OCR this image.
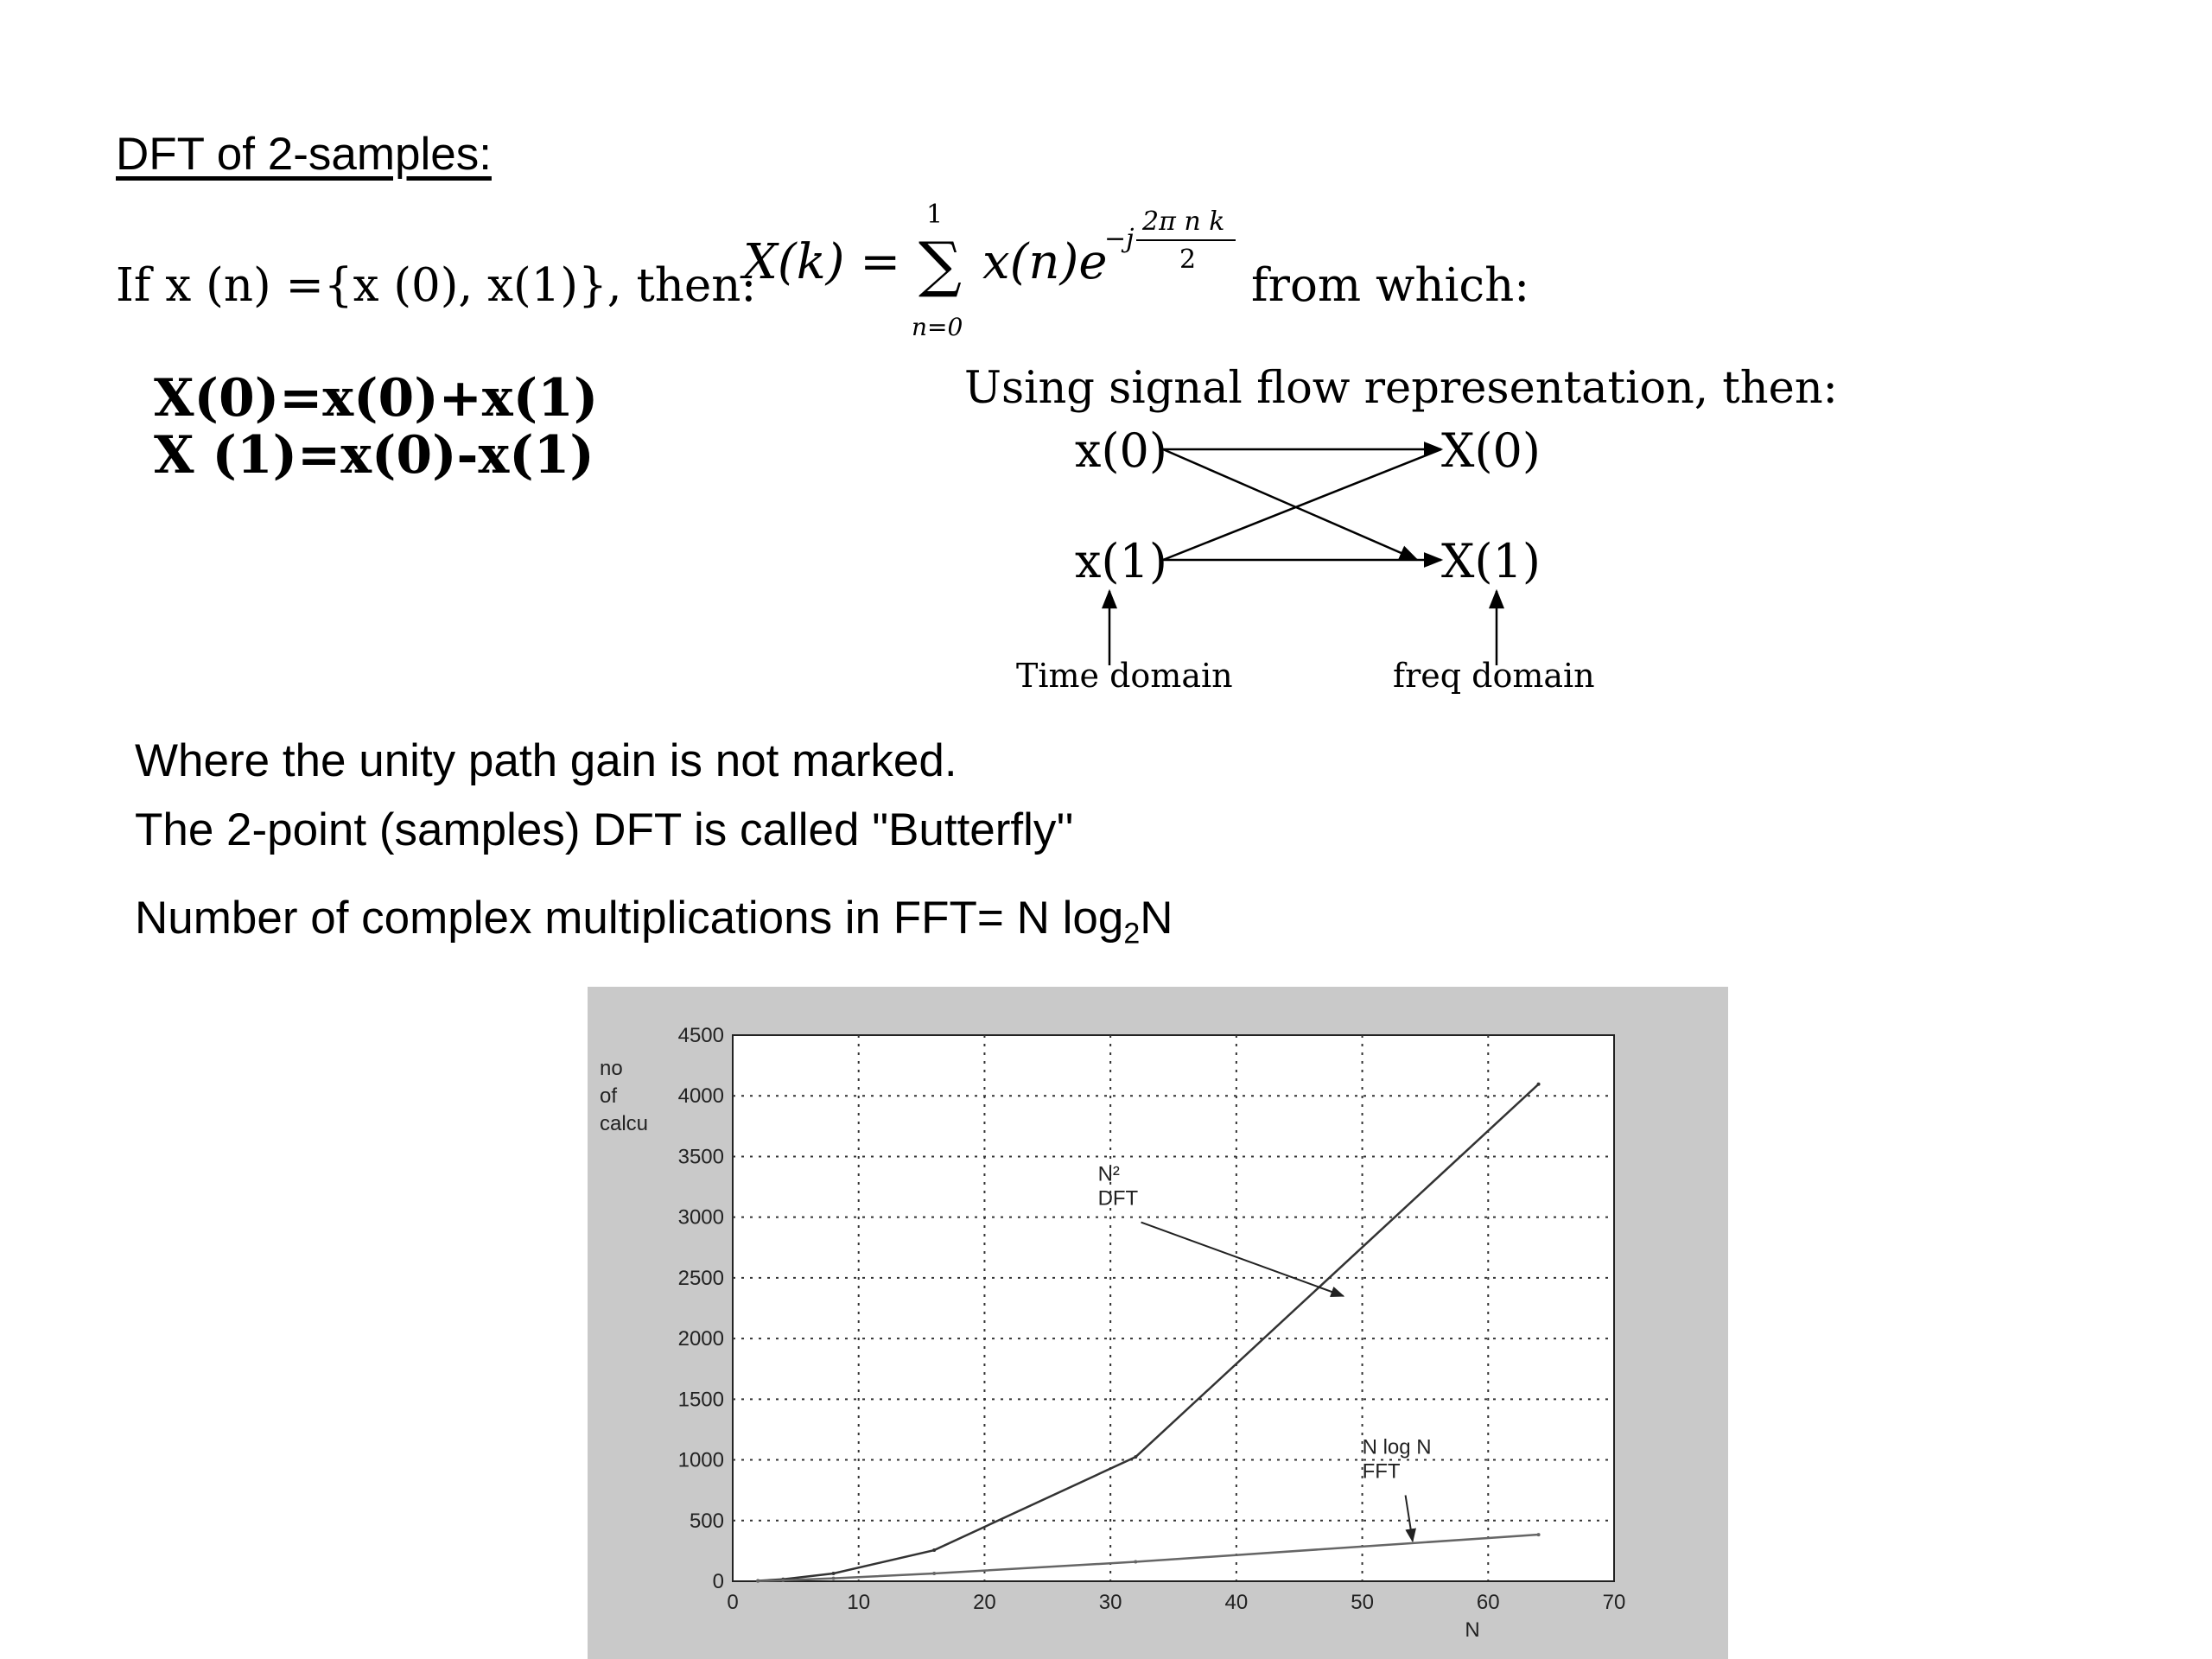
DFT of 2-samples:
If x (n) ={x (0), x(1)}, then:
X(k) =
1
∑
n=0
x(n)e
−j
2π n k
2 from which:
X(0)=x(0)+x(1)
X (1)=x(0)-x(1)
Using signal flow representation, then:
x(0)
x(1)
X(0)
X(1)
Time domain	freq domain
Where the unity path gain is not marked.
The 2-point (samples) DFT is called "Butterfly''
Number of complex multiplications in FFT= N $\log_2N$
0	10	20	30	40	50	60	70
0
500
1000
1500
2000
2500
3000
3500
4000
4500
N
no
of
calcu
N²
DFT
N log N
FFT
